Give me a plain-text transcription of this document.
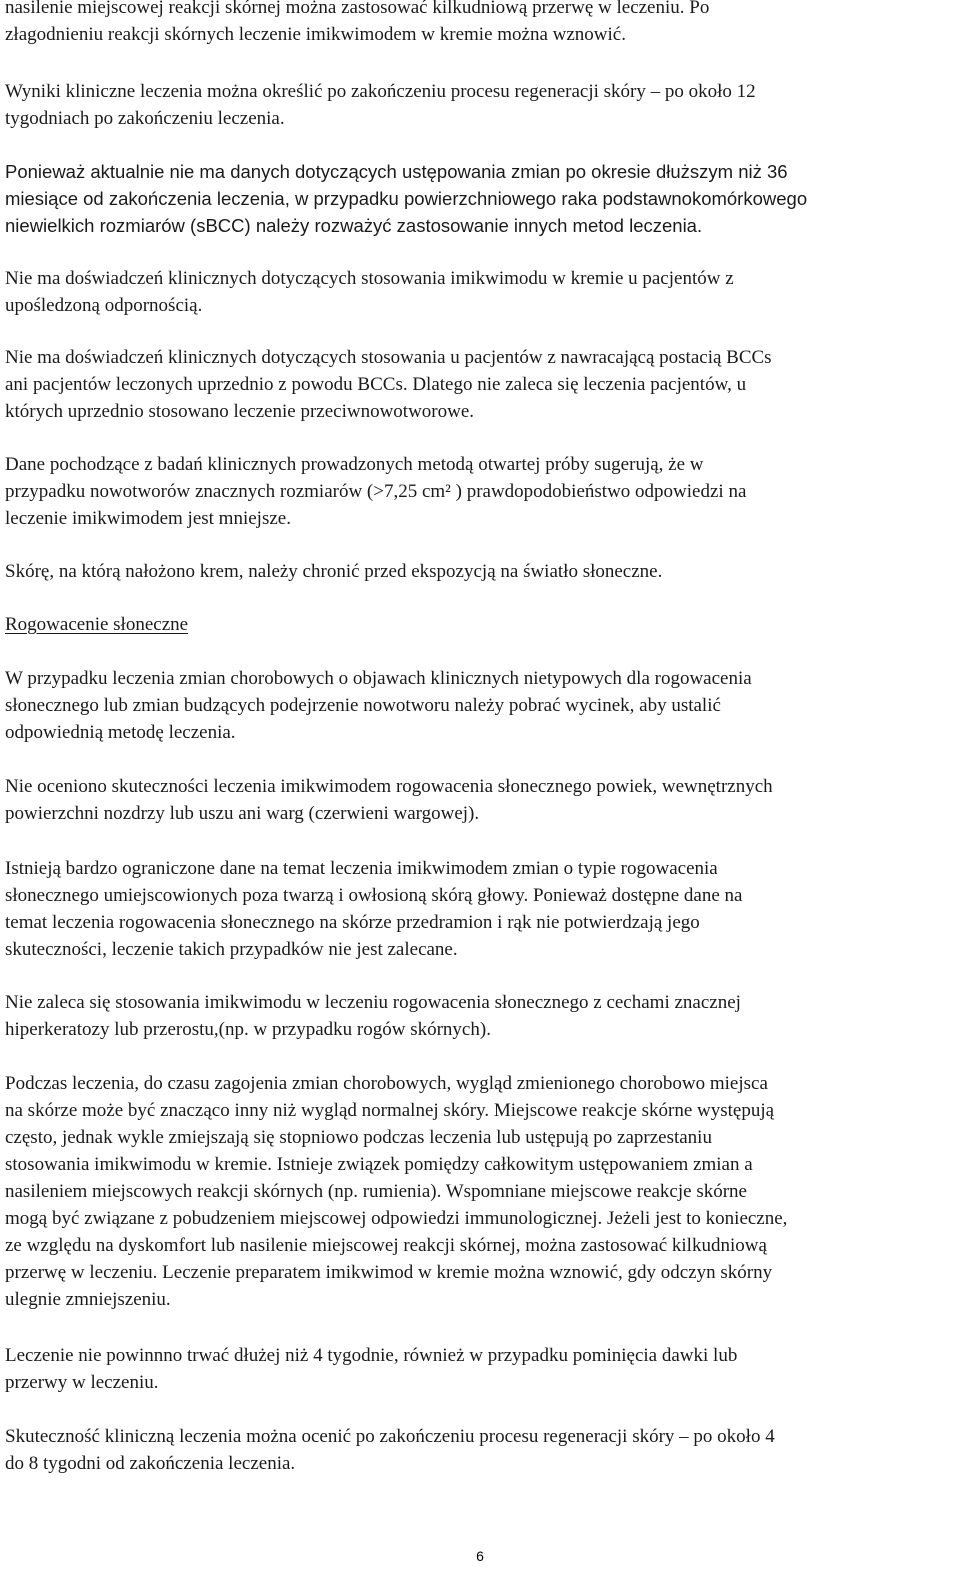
nasilenie miejscowej reakcji skórnej można zastosować kilkudniową przerwę w leczeniu. Po
złagodnieniu reakcji skórnych leczenie imikwimodem w kremie można wznowić.

Wyniki kliniczne leczenia można określić po zakończeniu procesu regeneracji skóry – po około 12
tygodniach po zakończeniu leczenia.

Ponieważ aktualnie nie ma danych dotyczących ustępowania zmian po okresie dłuższym niż 36
miesiące od zakończenia leczenia, w przypadku powierzchniowego raka podstawnokomórkowego
niewielkich rozmiarów (sBCC) należy rozważyć zastosowanie innych metod leczenia.

Nie ma doświadczeń klinicznych dotyczących stosowania imikwimodu w kremie u pacjentów z
upośledzoną odpornością.

Nie ma doświadczeń klinicznych dotyczących stosowania u pacjentów z nawracającą postacią BCCs
ani pacjentów leczonych uprzednio z powodu BCCs. Dlatego nie zaleca się leczenia pacjentów, u
których uprzednio stosowano leczenie przeciwnowotworowe.

Dane pochodzące z badań klinicznych prowadzonych metodą otwartej próby sugerują, że w
przypadku nowotworów znacznych rozmiarów (>7,25 cm² ) prawdopodobieństwo odpowiedzi na
leczenie imikwimodem jest mniejsze.

Skórę, na którą nałożono krem, należy chronić przed ekspozycją na światło słoneczne.

Rogowacenie słoneczne

W przypadku leczenia zmian chorobowych o objawach klinicznych nietypowych dla rogowacenia
słonecznego lub zmian budzących podejrzenie nowotworu należy pobrać wycinek, aby ustalić
odpowiednią metodę leczenia.

Nie oceniono skuteczności leczenia imikwimodem rogowacenia słonecznego powiek, wewnętrznych
powierzchni nozdrzy lub uszu ani warg (czerwieni wargowej).

Istnieją bardzo ograniczone dane na temat leczenia imikwimodem zmian o typie rogowacenia
słonecznego umiejscowionych poza twarzą i owłosioną skórą głowy. Ponieważ dostępne dane na
temat leczenia rogowacenia słonecznego na skórze przedramion i rąk nie potwierdzają jego
skuteczności, leczenie takich przypadków nie jest zalecane.

Nie zaleca się stosowania imikwimodu w leczeniu rogowacenia słonecznego z cechami znacznej
hiperkeratozy lub przerostu,(np. w przypadku rogów skórnych).

Podczas leczenia, do czasu zagojenia zmian chorobowych, wygląd zmienionego chorobowo miejsca
na skórze może być znacząco inny niż wygląd normalnej skóry. Miejscowe reakcje skórne występują
często, jednak wykle zmiejszają się stopniowo podczas leczenia lub ustępują po zaprzestaniu
stosowania imikwimodu w kremie. Istnieje związek pomiędzy całkowitym ustępowaniem zmian a
nasileniem miejscowych reakcji skórnych (np. rumienia). Wspomniane miejscowe reakcje skórne
mogą być związane z pobudzeniem miejscowej odpowiedzi immunologicznej. Jeżeli jest to konieczne,
ze względu na dyskomfort lub nasilenie miejscowej reakcji skórnej, można zastosować kilkudniową
przerwę w leczeniu. Leczenie preparatem imikwimod w kremie można wznowić, gdy odczyn skórny
ulegnie zmniejszeniu.

Leczenie nie powinnno trwać dłużej niż 4 tygodnie, również w przypadku pominięcia dawki lub
przerwy w leczeniu.

Skuteczność kliniczną leczenia można ocenić po zakończeniu procesu regeneracji skóry – po około 4
do 8 tygodni od zakończenia leczenia.

6
